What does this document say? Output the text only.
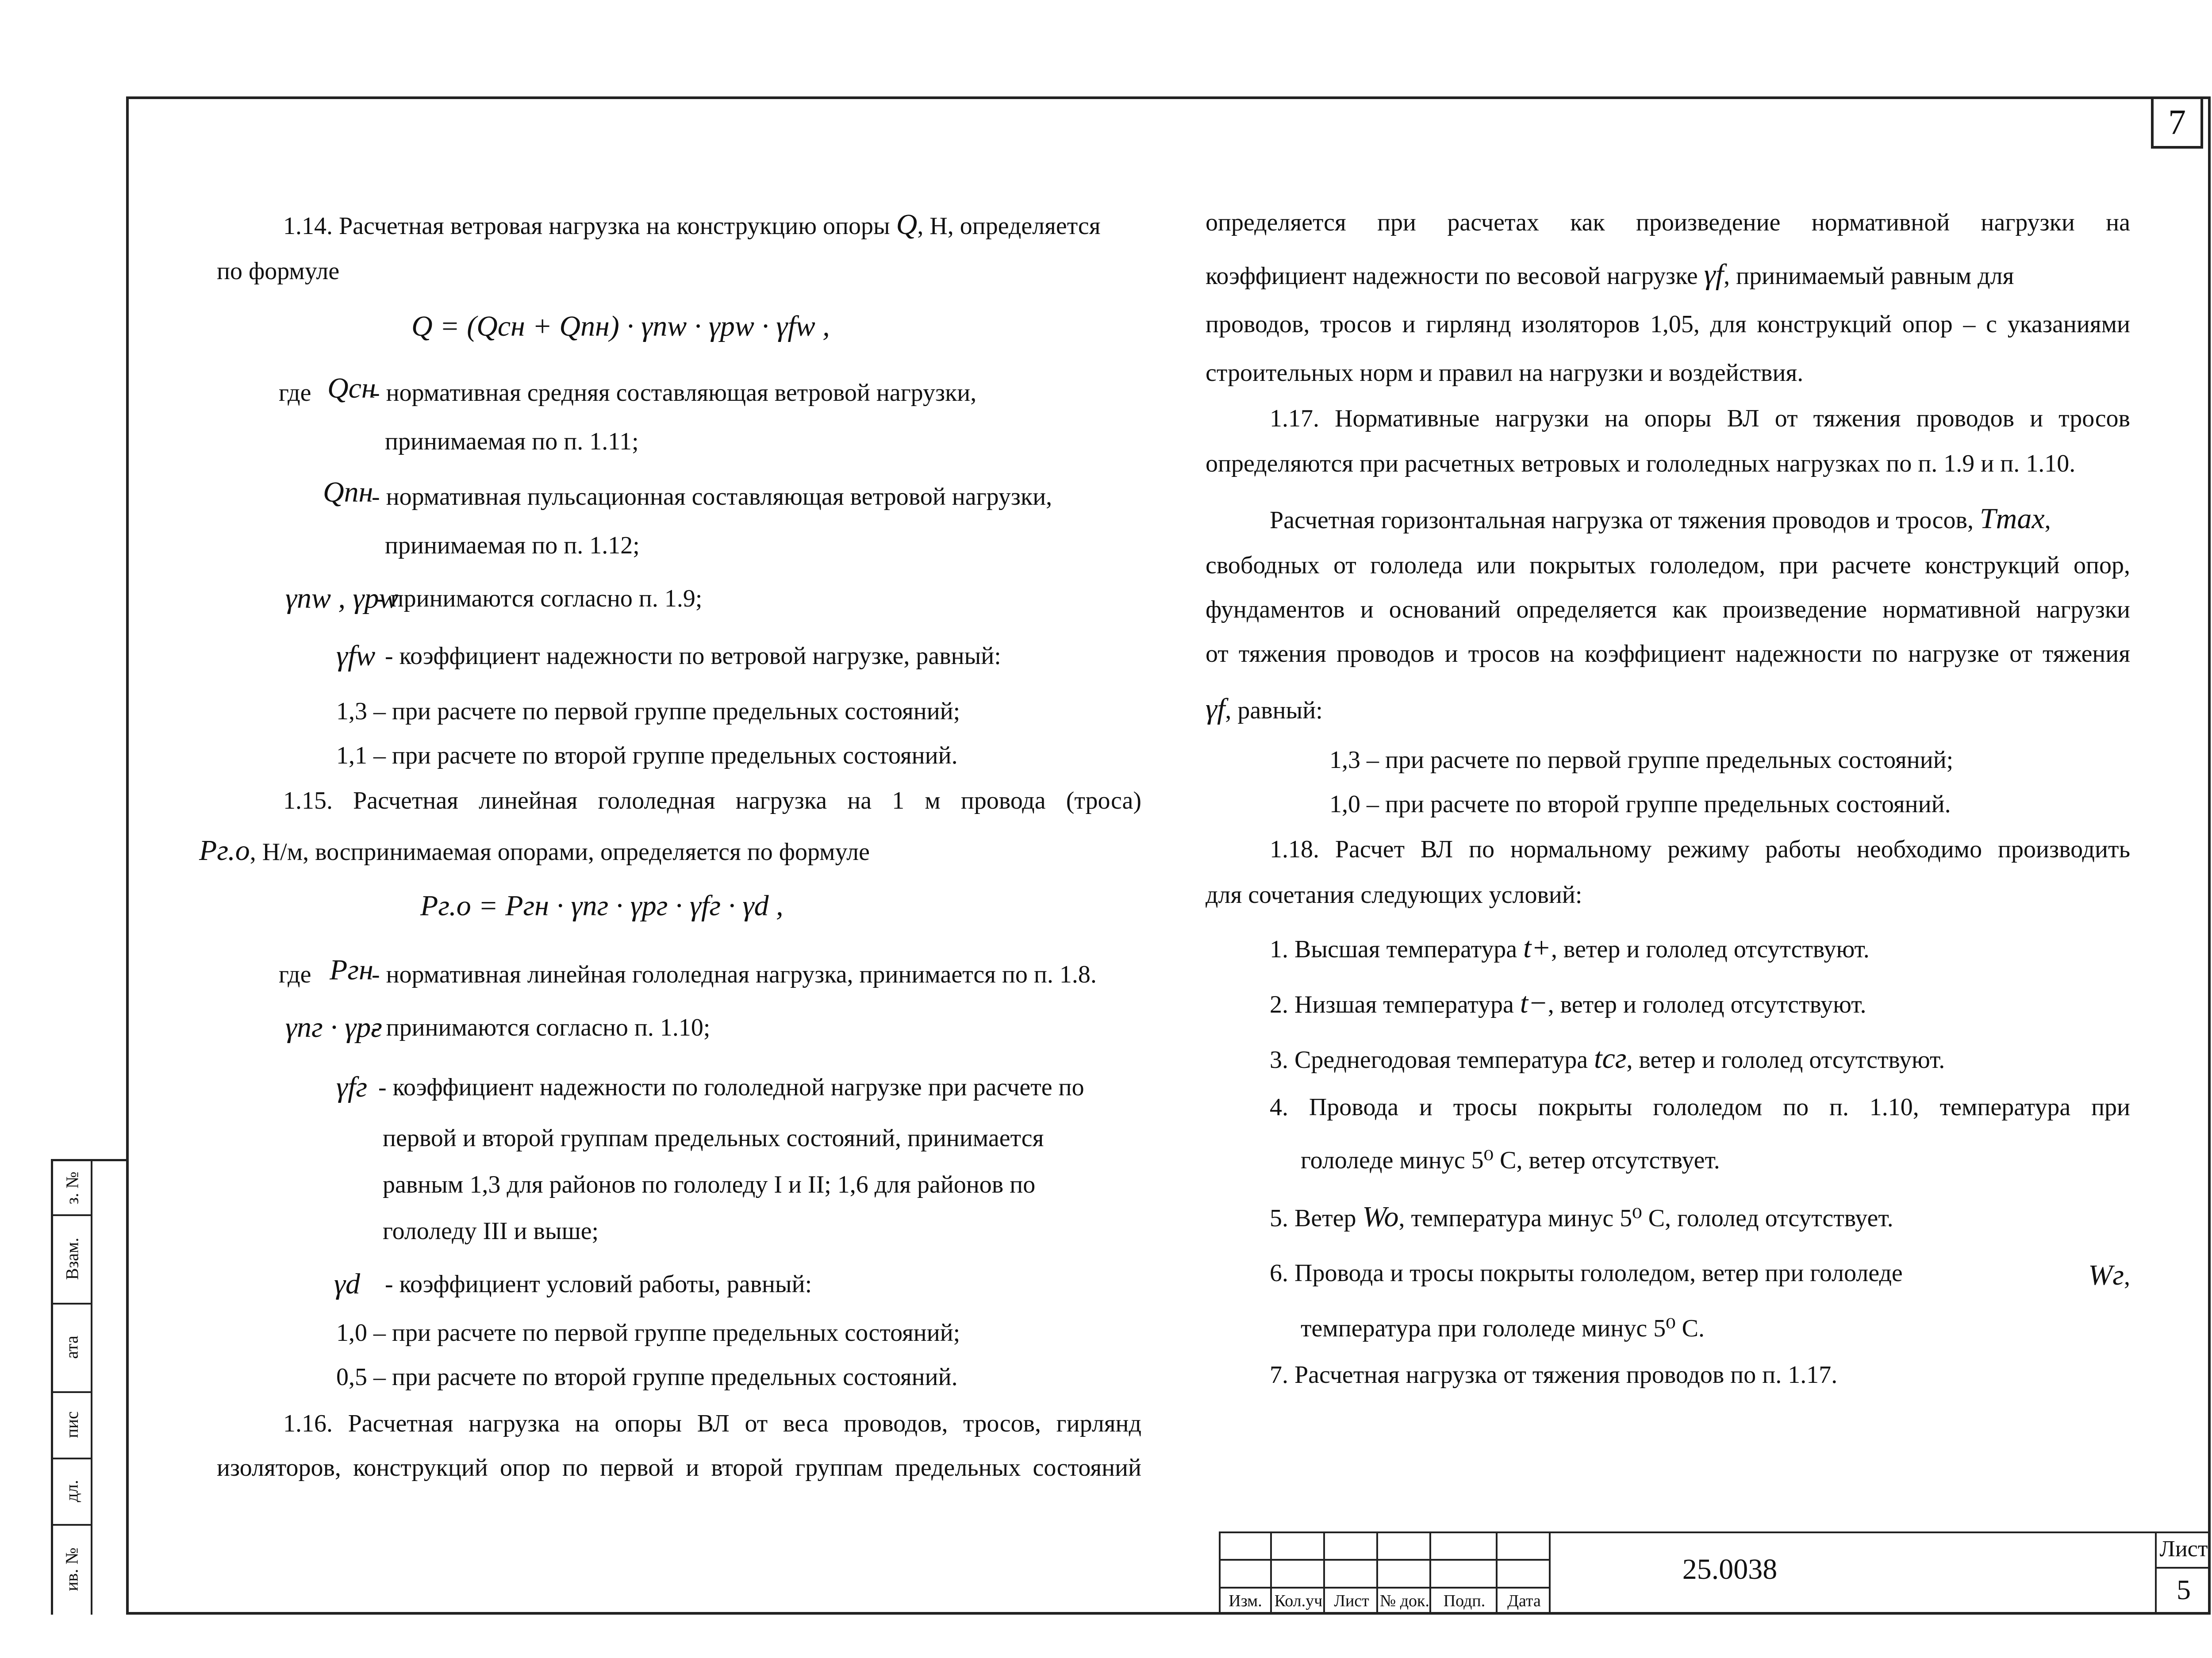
7
1.14. Расчетная ветровая нагрузка на конструкцию опоры Q, Н, определяется
по формуле
Q = (Qсн + Qпн) · γnw · γpw · γfw ,
где Qcн
- нормативная средняя составляющая ветровой нагрузки,
принимаемая по п. 1.11;
Qпн
- нормативная пульсационная составляющая ветровой нагрузки,
принимаемая по п. 1.12;
γnw , γpw
- принимаются согласно п. 1.9;
γfw - коэффициент надежности по ветровой нагрузке, равный:
1,3 – при расчете по первой группе предельных состояний;
1,1 – при расчете по второй группе предельных состояний.
1.15. Расчетная линейная гололедная нагрузка на 1 м провода (троса)
Pг.о, Н/м, воспринимаемая опорами, определяется по формуле
Pг.о = Pгн · γnг · γpг · γfг · γd ,
где Pгн
- нормативная линейная гололедная нагрузка, принимается по п. 1.8.
γnг · γpг
- принимаются согласно п. 1.10;
γfг - коэффициент надежности по гололедной нагрузке при расчете по
первой и второй группам предельных состояний, принимается
равным 1,3 для районов по гололеду I и II; 1,6 для районов по
гололеду III и выше;
γd - коэффициент условий работы, равный:
1,0 – при расчете по первой группе предельных состояний;
0,5 – при расчете по второй группе предельных состояний.
1.16. Расчетная нагрузка на опоры ВЛ от веса проводов, тросов, гирлянд
изоляторов, конструкций опор по первой и второй группам предельных состояний
определяется при расчетах как произведение нормативной нагрузки на
коэффициент надежности по весовой нагрузке γf, принимаемый равным для
проводов, тросов и гирлянд изоляторов 1,05, для конструкций опор – с указаниями
строительных норм и правил на нагрузки и воздействия.
1.17. Нормативные нагрузки на опоры ВЛ от тяжения проводов и тросов
определяются при расчетных ветровых и гололедных нагрузках по п. 1.9 и п. 1.10.
Расчетная горизонтальная нагрузка от тяжения проводов и тросов, Tmax,
свободных от гололеда или покрытых гололедом, при расчете конструкций опор,
фундаментов и оснований определяется как произведение нормативной нагрузки
от тяжения проводов и тросов на коэффициент надежности по нагрузке от тяжения
γf, равный:
1,3 – при расчете по первой группе предельных состояний;
1,0 – при расчете по второй группе предельных состояний.
1.18. Расчет ВЛ по нормальному режиму работы необходимо производить
для сочетания следующих условий:
1. Высшая температура t+, ветер и гололед отсутствуют.
2. Низшая температура t−, ветер и гололед отсутствуют.
3. Среднегодовая температура tсг, ветер и гололед отсутствуют.
4. Провода и тросы покрыты гололедом по п. 1.10, температура при
гололеде минус 5⁰ С, ветер отсутствует.
5. Ветер Wo, температура минус 5⁰ С, гололед отсутствует.
6. Провода и тросы покрыты гололедом, ветер при гололеде	Wг,
температура при гололеде минус 5⁰ С.
7. Расчетная нагрузка от тяжения проводов по п. 1.17.
з. №
Взам.
ата
пис
дл.
ив. №
Изм. Кол.уч Лист № док. Подп.	Дата
Лист
5
25.0038
